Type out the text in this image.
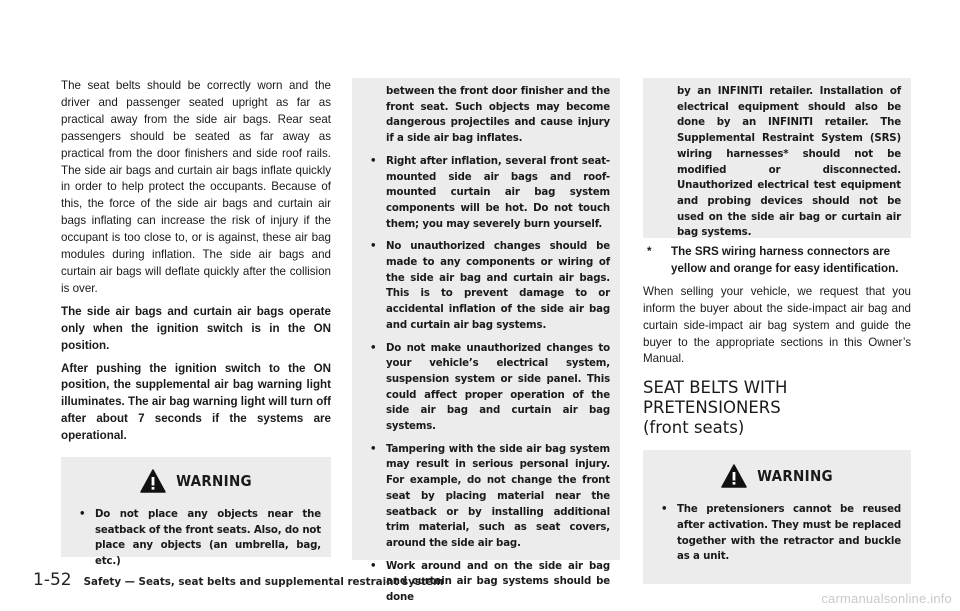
The seat belts should be correctly worn and the driver and passenger seated upright as far as practical away from the side air bags. Rear seat passengers should be seated as far away as practical from the door finishers and side roof rails. The side air bags and curtain air bags inflate quickly in order to help protect the occupants. Because of this, the force of the side air bags and curtain air bags inflating can increase the risk of injury if the occupant is too close to, or is against, these air bag modules during inflation. The side air bags and curtain air bags will deflate quickly after the collision is over.

The side air bags and curtain air bags operate only when the ignition switch is in the ON position.

After pushing the ignition switch to the ON position, the supplemental air bag warning light illuminates. The air bag warning light will turn off after about 7 seconds if the systems are operational.

WARNING
• Do not place any objects near the seatback of the front seats. Also, do not place any objects (an umbrella, bag, etc.)
between the front door finisher and the front seat. Such objects may become dangerous projectiles and cause injury if a side air bag inflates.
• Right after inflation, several front seat-mounted side air bags and roof-mounted curtain air bag system components will be hot. Do not touch them; you may severely burn yourself.
• No unauthorized changes should be made to any components or wiring of the side air bag and curtain air bags. This is to prevent damage to or accidental inflation of the side air bag and curtain air bag systems.
• Do not make unauthorized changes to your vehicle’s electrical system, suspension system or side panel. This could affect proper operation of the side air bag and curtain air bag systems.
• Tampering with the side air bag system may result in serious personal injury. For example, do not change the front seat by placing material near the seatback or by installing additional trim material, such as seat covers, around the side air bag.
• Work around and on the side air bag and curtain air bag systems should be done
by an INFINITI retailer. Installation of electrical equipment should also be done by an INFINITI retailer. The Supplemental Restraint System (SRS) wiring harnesses* should not be modified or disconnected. Unauthorized electrical test equipment and probing devices should not be used on the side air bag or curtain air bag systems.
*	The SRS wiring harness connectors are yellow and orange for easy identification.

When selling your vehicle, we request that you inform the buyer about the side-impact air bag and curtain side-impact air bag system and guide the buyer to the appropriate sections in this Owner’s Manual.

SEAT BELTS WITH PRETENSIONERS
(front seats)
WARNING
• The pretensioners cannot be reused after activation. They must be replaced together with the retractor and buckle as a unit.
1-52 Safety — Seats, seat belts and supplemental restraint system
carmanualsonline.info
